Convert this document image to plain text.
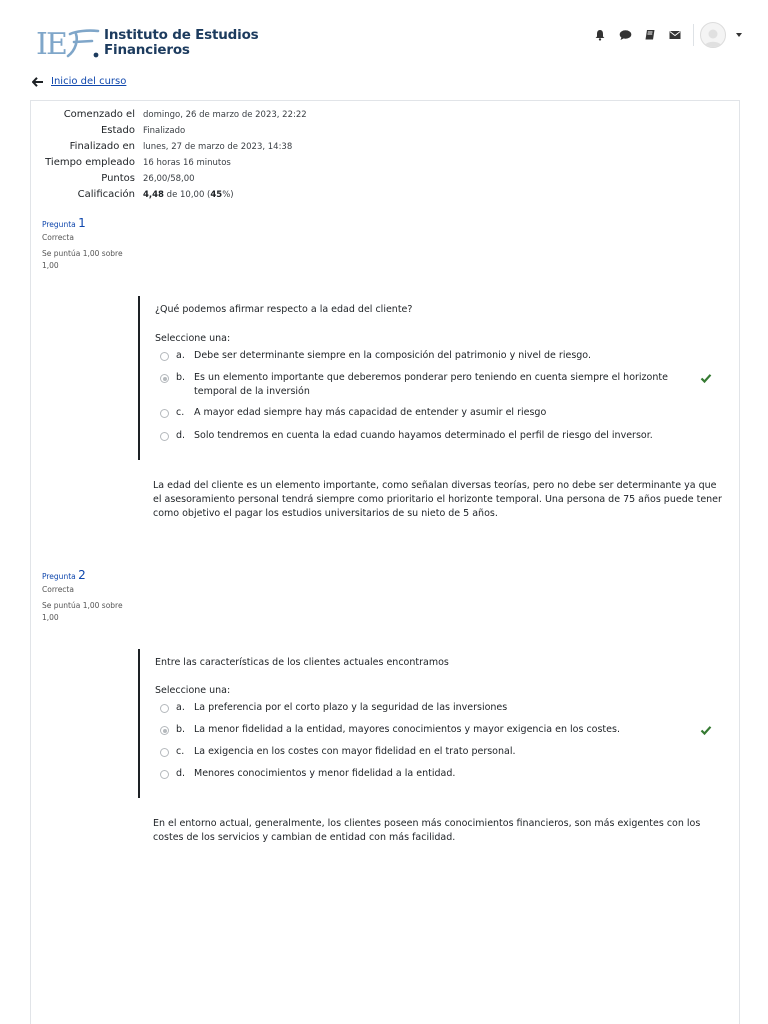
I
E	Instituto de Estudios
Financieros
Inicio del curso
Comenzado el domingo, 26 de marzo de 2023, 22:22
Estado Finalizado
Finalizado en lunes, 27 de marzo de 2023, 14:38
Tiempo empleado 16 horas 16 minutos
Puntos 26,00/58,00
Calificación 4,48 de 10,00 (45%)
Pregunta 1
Correcta
Se puntúa 1,00 sobre 1,00
¿Qué podemos afirmar respecto a la edad del cliente?
Seleccione una:
a. Debe ser determinante siempre en la composición del patrimonio y nivel de riesgo.
b. Es un elemento importante que deberemos ponderar pero teniendo en cuenta siempre el horizonte temporal de la inversión
c.	A mayor edad siempre hay más capacidad de entender y asumir el riesgo
d. Solo tendremos en cuenta la edad cuando hayamos determinado el perfil de riesgo del inversor.
La edad del cliente es un elemento importante, como señalan diversas teorías, pero no debe ser determinante ya que el asesoramiento personal tendrá siempre como prioritario el horizonte temporal. Una persona de 75 años puede tener como objetivo el pagar los estudios universitarios de su nieto de 5 años.
Pregunta 2
Correcta
Se puntúa 1,00 sobre 1,00
Entre las características de los clientes actuales encontramos
Seleccione una:
a. La preferencia por el corto plazo y la seguridad de las inversiones
b. La menor fidelidad a la entidad, mayores conocimientos y mayor exigencia en los costes.
c.	La exigencia en los costes con mayor fidelidad en el trato personal.
d. Menores conocimientos y menor fidelidad a la entidad.
En el entorno actual, generalmente, los clientes poseen más conocimientos financieros, son más exigentes con los costes de los servicios y cambian de entidad con más facilidad.
